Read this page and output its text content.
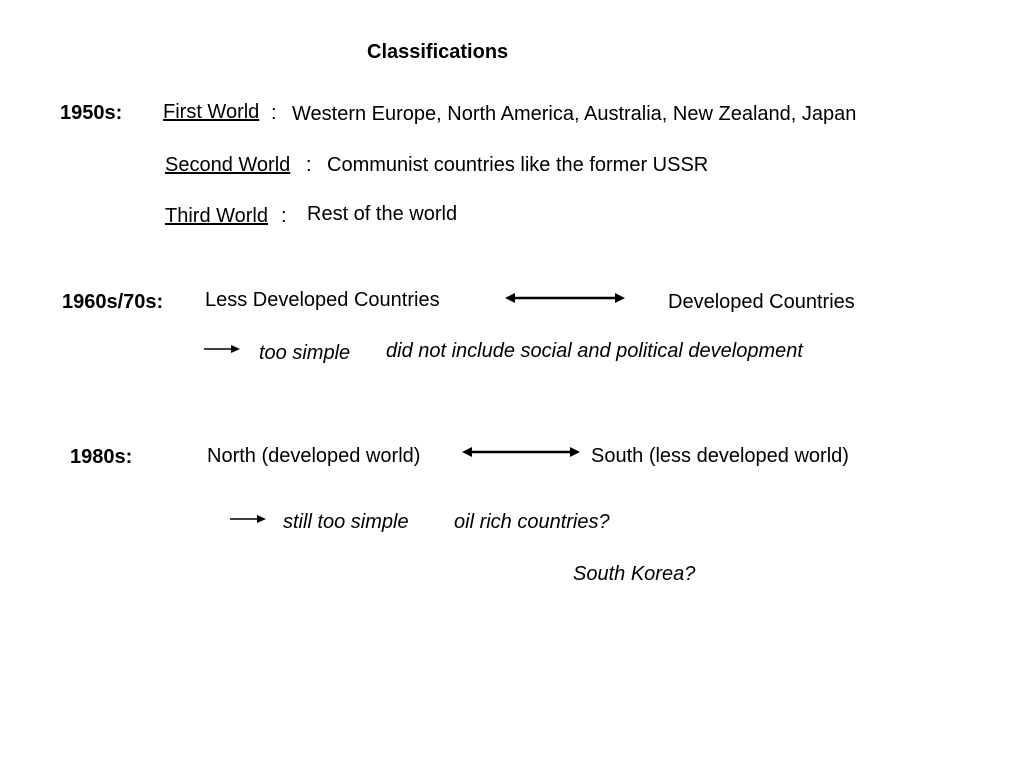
Classifications
1950s: First World : Western Europe, North America, Australia, New Zealand, Japan
Second World : Communist countries like the former USSR
Third World : Rest of the world
1960s/70s: Less Developed Countries	Developed Countries
too simple did not include social and political development
1980s:	North (developed world)	South (less developed world)
still too simple oil rich countries?
South Korea?
